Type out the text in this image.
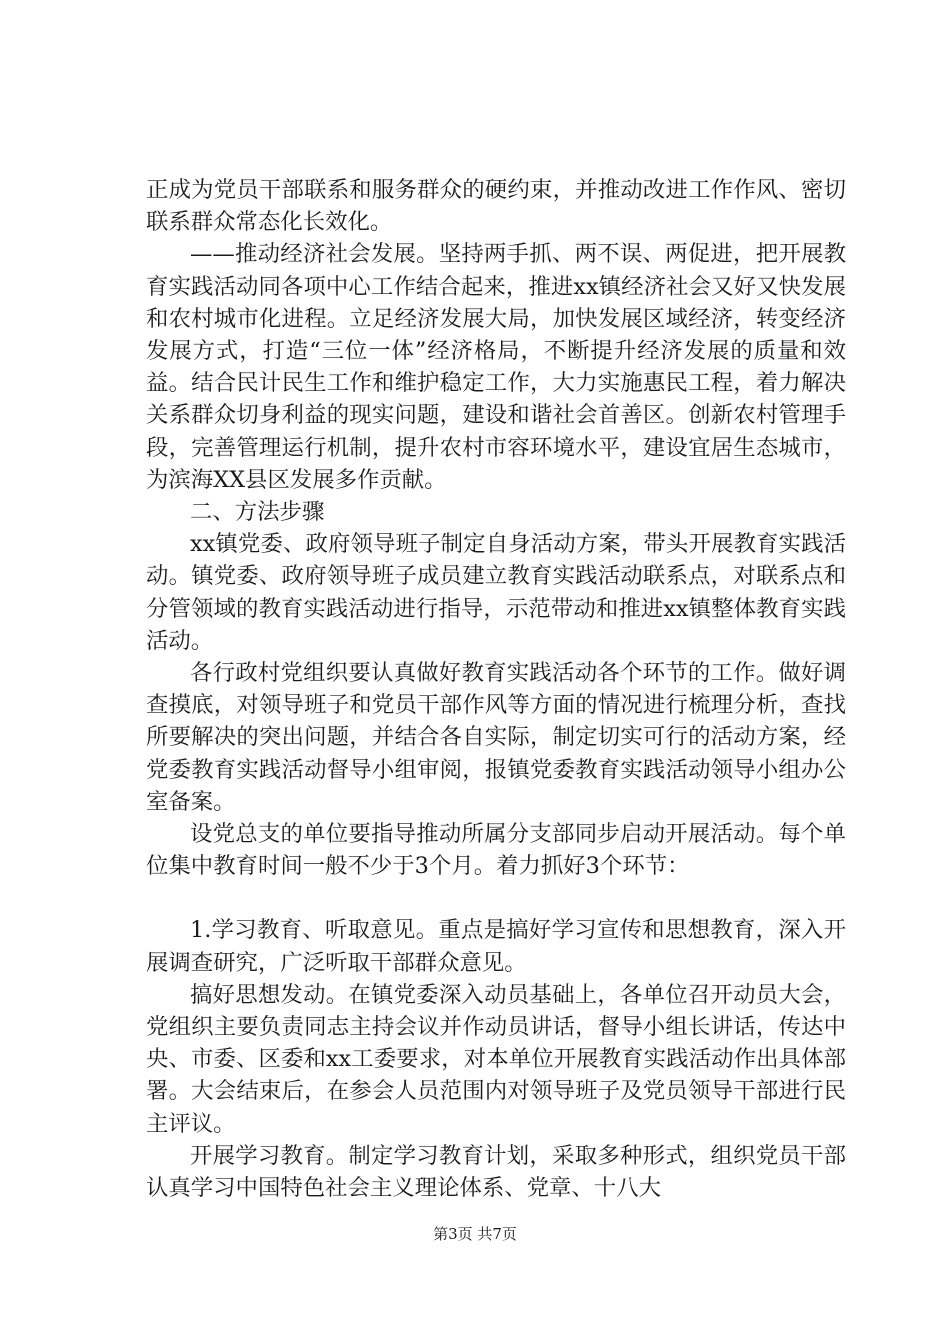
正成为党员干部联系和服务群众的硬约束，并推动改进工作作风、密切联系群众常态化长效化。

——推动经济社会发展。坚持两手抓、两不误、两促进，把开展教育实践活动同各项中心工作结合起来，推进xx镇经济社会又好又快发展和农村城市化进程。立足经济发展大局，加快发展区域经济，转变经济发展方式，打造“三位一体”经济格局，不断提升经济发展的质量和效益。结合民计民生工作和维护稳定工作，大力实施惠民工程，着力解决关系群众切身利益的现实问题，建设和谐社会首善区。创新农村管理手段，完善管理运行机制，提升农村市容环境水平，建设宜居生态城市，为滨海XX县区发展多作贡献。

二、方法步骤

xx镇党委、政府领导班子制定自身活动方案，带头开展教育实践活动。镇党委、政府领导班子成员建立教育实践活动联系点，对联系点和分管领域的教育实践活动进行指导，示范带动和推进xx镇整体教育实践活动。

各行政村党组织要认真做好教育实践活动各个环节的工作。做好调查摸底，对领导班子和党员干部作风等方面的情况进行梳理分析，查找所要解决的突出问题，并结合各自实际，制定切实可行的活动方案，经党委教育实践活动督导小组审阅，报镇党委教育实践活动领导小组办公室备案。

设党总支的单位要指导推动所属分支部同步启动开展活动。每个单位集中教育时间一般不少于3个月。着力抓好3个环节：

1.学习教育、听取意见。重点是搞好学习宣传和思想教育，深入开展调查研究，广泛听取干部群众意见。

搞好思想发动。在镇党委深入动员基础上，各单位召开动员大会，党组织主要负责同志主持会议并作动员讲话，督导小组长讲话，传达中央、市委、区委和xx工委要求，对本单位开展教育实践活动作出具体部署。大会结束后，在参会人员范围内对领导班子及党员领导干部进行民主评议。

开展学习教育。制定学习教育计划，采取多种形式，组织党员干部认真学习中国特色社会主义理论体系、党章、十八大

第3页 共7页
